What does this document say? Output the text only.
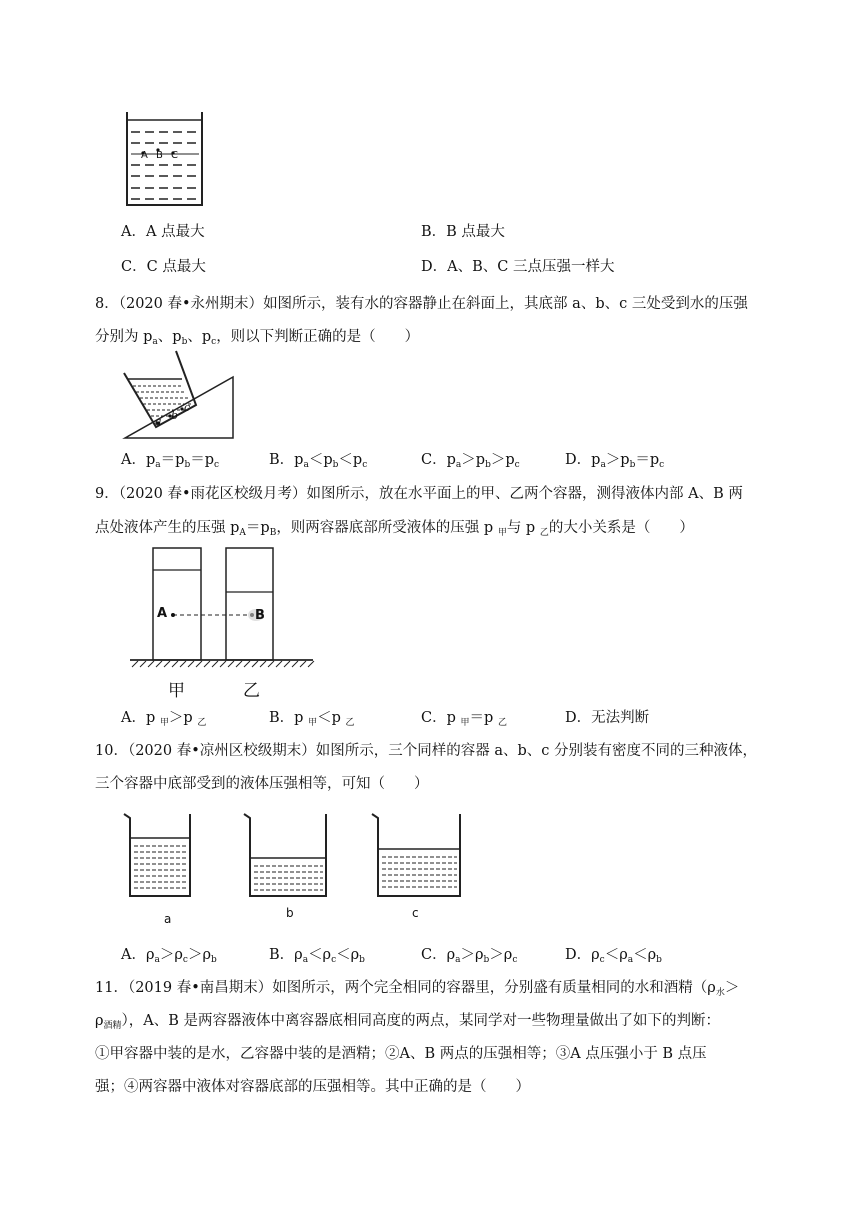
A B C
A．A 点最大	B．B 点最大
C．C 点最大	D．A、B、C 三点压强一样大
8．（2020 春•永州期末）如图所示，装有水的容器静止在斜面上，其底部 a、b、c 三处受到水的压强
分别为 $p_a$、$p_b$、$p_c$，则以下判断正确的是（　　）
a b
c
A．$p_a=p_b=p_c$	B．$p_a<p_b<p_c$	C．$p_a>p_b>p_c$	D．$p_a>p_b=p_c$
9．（2020 春•雨花区校级月考）如图所示，放在水平面上的甲、乙两个容器，测得液体内部 A、B 两
点处液体产生的压强 $p_A=p_B$，则两容器底部所受液体的压强 p $_甲$与 p $_乙$的大小关系是（　　）
A	B
甲	乙
A．p $_甲$＞p $_乙$	B．p $_甲$＜p $_乙$	C．p $_甲$＝p $_乙$	D．无法判断
10．（2020 春•凉州区校级期末）如图所示，三个同样的容器 a、b、c 分别装有密度不同的三种液体，
三个容器中底部受到的液体压强相等，可知（　　）
a	b	c
A．$\rho_a>\rho_c>\rho_b$	B．$\rho_a<\rho_c<\rho_b$	C．$\rho_a>\rho_b>\rho_c$	D．$\rho_c<\rho_a<\rho_b$
11．（2019 春•南昌期末）如图所示，两个完全相同的容器里，分别盛有质量相同的水和酒精（$\rho_水>$
$\rho_{酒精}$），A、B 是两容器液体中离容器底相同高度的两点，某同学对一些物理量做出了如下的判断：
①甲容器中装的是水，乙容器中装的是酒精；②A、B 两点的压强相等；③A 点压强小于 B 点压
强；④两容器中液体对容器底部的压强相等。其中正确的是（　　）
